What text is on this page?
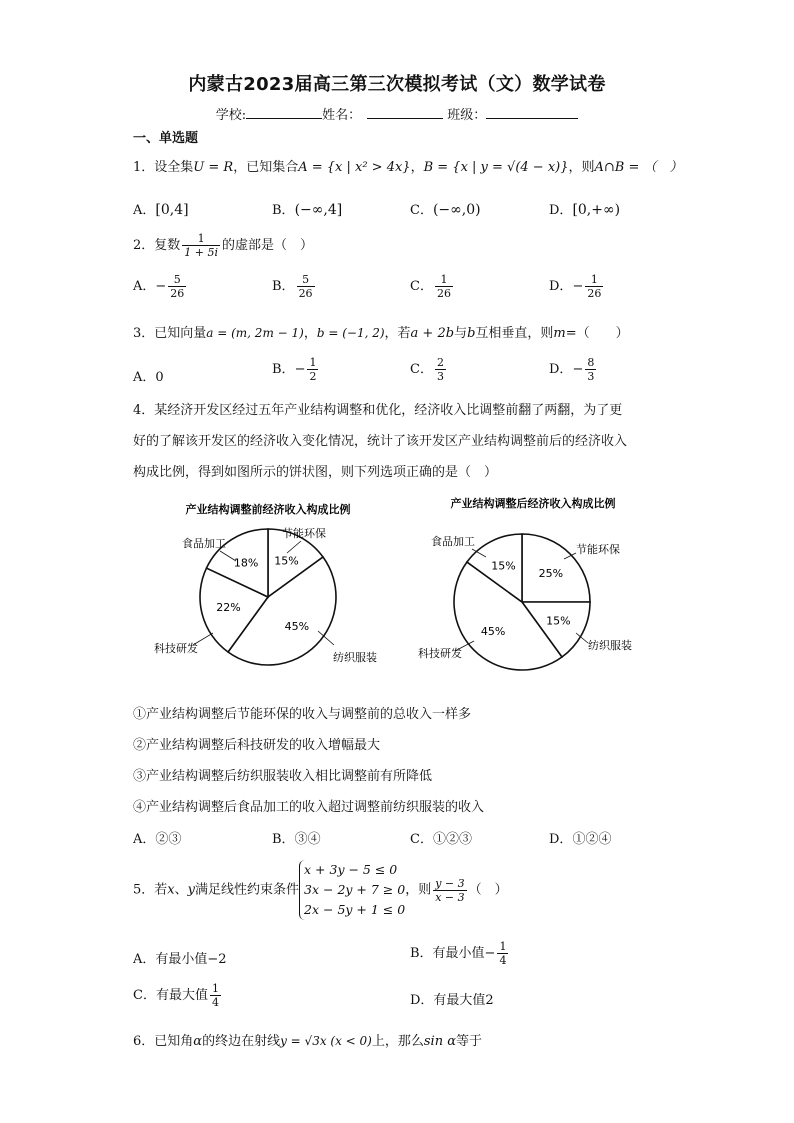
内蒙古2023届高三第三次模拟考试（文）数学试卷
学校:	姓名：	班级：
一、单选题
1．设全集U = R，已知集合A = {x | x² > 4x}，B = {x | y = √(4 − x)}，则A∩B = （　）
A．[0,4]	B．(−∞,4]	C．(−∞,0)	D．[0,+∞)
2．复数 $\frac{1}{1 + 5i}$ 的虚部是（　）
A．− $\frac{5}{26}$	B． $\frac{5}{26}$	C． $\frac{1}{26}$	D．− $\frac{1}{26}$
3．已知向量a = (m, 2m − 1)，b = (−1, 2)，若a + 2b与b互相垂直，则m=（　　）
A．0
B．− $\frac{1}{2}$	C． $\frac{2}{3}$	D．− $\frac{8}{3}$
4．某经济开发区经过五年产业结构调整和优化，经济收入比调整前翻了两翻，为了更
好的了解该开发区的经济收入变化情况，统计了该开发区产业结构调整前后的经济收入
构成比例，得到如图所示的饼状图，则下列选项正确的是（　）
产业结构调整前经济收入构成比例	产业结构调整后经济收入构成比例
15%
45%
22%
18%
节能环保
纺织服装
科技研发
食品加工
25%
15%
45%
15%
节能环保
纺织服装
科技研发
食品加工
①产业结构调整后节能环保的收入与调整前的总收入一样多
②产业结构调整后科技研发的收入增幅最大
③产业结构调整后纺织服装收入相比调整前有所降低
④产业结构调整后食品加工的收入超过调整前纺织服装的收入
A．②③	B．③④	C．①②③	D．①②④
5．若x、y满足线性约束条件
x + 3y − 5 ≤ 0
3x − 2y + 7 ≥ 0
2x − 5y + 1 ≤ 0
，则 $\frac{y - 3}{x - 3}$ （　）
A．有最小值−2	B．有最小值− $\frac{1}{4}$
C．有最大值 $\frac{1}{4}$	D．有最大值2
6．已知角α的终边在射线y = √3x (x < 0)上，那么sin α等于
